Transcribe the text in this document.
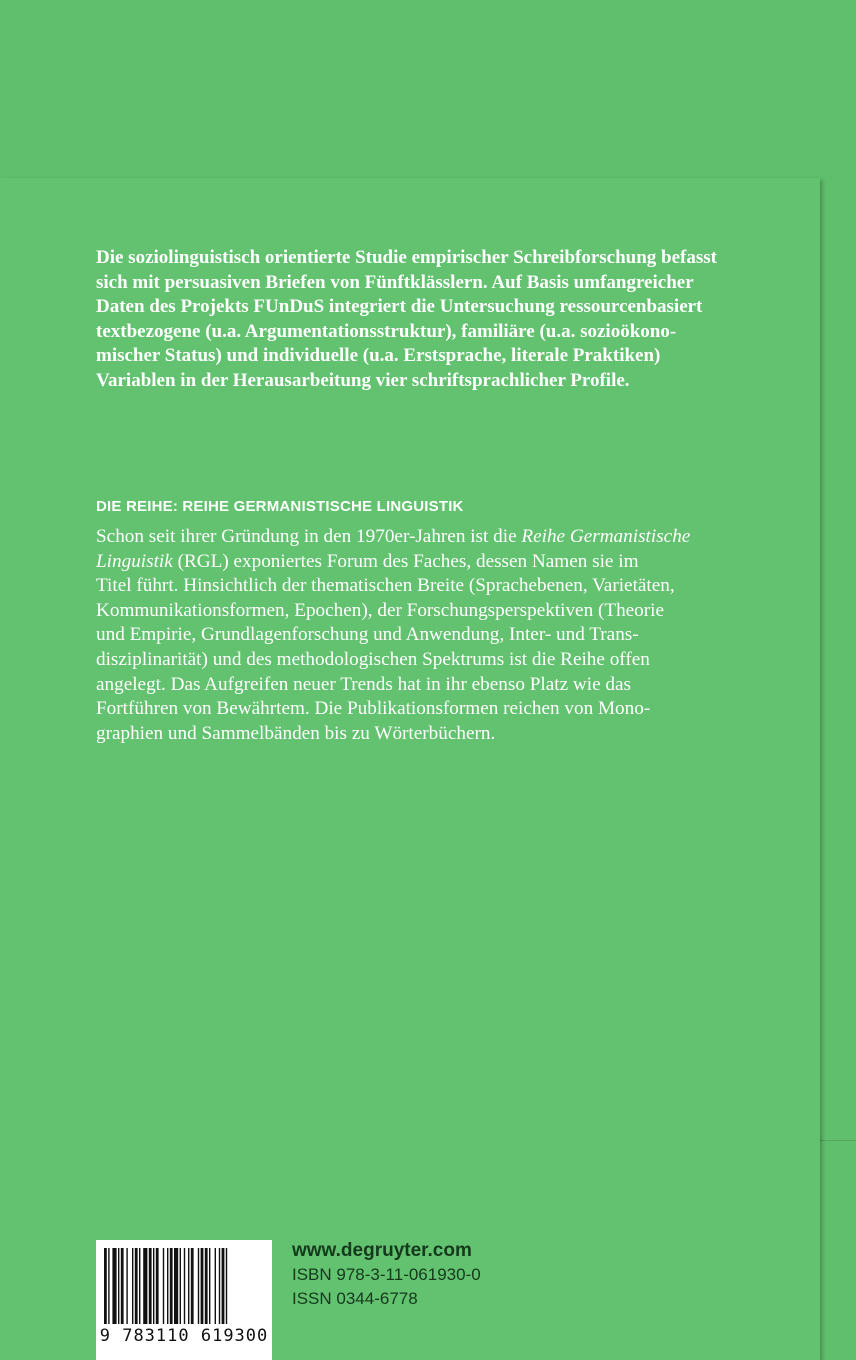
Die soziolinguistisch orientierte Studie empirischer Schreibforschung befasst

sich mit persuasiven Briefen von Fünftklässlern. Auf Basis umfangreicher

Daten des Projekts FUnDuS integriert die Untersuchung ressourcenbasiert

textbezogene (u.a. Argumentationsstruktur), familiäre (u.a. sozioökono-

mischer Status) und individuelle (u.a. Erstsprache, literale Praktiken)

Variablen in der Herausarbeitung vier schriftsprachlicher Profile.

DIE REIHE: REIHE GERMANISTISCHE LINGUISTIK
Schon seit ihrer Gründung in den 1970er-Jahren ist die Reihe Germanistische
Linguistik (RGL) exponiertes Forum des Faches, dessen Namen sie im
Titel führt. Hinsichtlich der thematischen Breite (Sprachebenen, Varietäten,
Kommunikationsformen, Epochen), der Forschungsperspektiven (Theorie
und Empirie, Grundlagenforschung und Anwendung, Inter- und Trans-
disziplinarität) und des methodologischen Spektrums ist die Reihe offen
angelegt. Das Aufgreifen neuer Trends hat in ihr ebenso Platz wie das
Fortführen von Bewährtem. Die Publikationsformen reichen von Mono-
graphien und Sammelbänden bis zu Wörterbüchern.
9 783110 619300
www.degruyter.com
ISBN 978-3-11-061930-0
ISSN 0344-6778
